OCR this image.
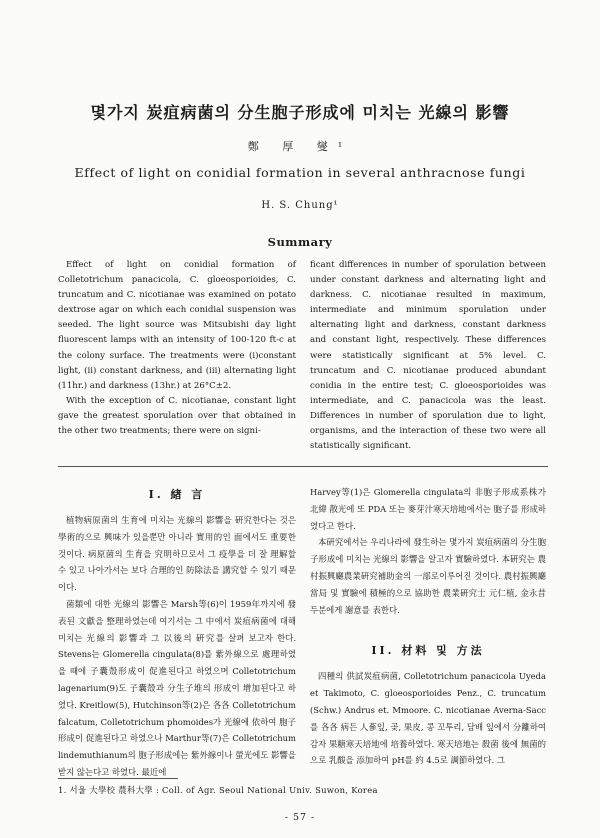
몇가지 炭疽病菌의 分生胞子形成에 미치는 光線의 影響
鄭 厚 燮¹
Effect of light on conidial formation in several anthracnose fungi
H. S. Chung¹
Summary

Effect of light on conidial formation of Colletotrichum panacicola, C. gloeosporioides, C. truncatum and C. nicotianae was examined on potato dextrose agar on which each conidial suspension was seeded. The light source was Mitsubishi day light fluorescent lamps with an intensity of 100-120 ft-c at the colony surface. The treatments were (i)constant light, (ii) constant darkness, and (iii) alternating light (11hr.) and darkness (13hr.) at 26°C±2.

With the exception of C. nicotianae, constant light gave the greatest sporulation over that obtained in the other two treatments; there were on signi-

ficant differences in number of sporulation between under constant darkness and alternating light and darkness. C. nicotianae resulted in maximum, intermediate and minimum sporulation under alternating light and darkness, constant darkness and constant light, respectively. These differences were statistically significant at 5% level. C. truncatum and C. nicotianae produced abundant conidia in the entire test; C. gloeosporioides was intermediate, and C. panacicola was the least. Differences in number of sporulation due to light, organisms, and the interaction of these two were all statistically significant.

I. 緖 言

植物病原菌의 生育에 미치는 光線의 影響을 硏究한다는 것은 學術的으로 興味가 있을뿐만 아니라 實用的인 面에서도 重要한 것이다. 病原菌의 生育을 究明하므로서 그 疫學을 더 잘 理解할 수 있고 나아가서는 보다 合理的인 防除法을 講究할 수 있기 때문이다.

菌類에 대한 光線의 影響은 Marsh等(6)이 1959年까지에 發表된 文獻을 整理하였는데 여기서는 그 中에서 炭疽病菌에 대해 미치는 光線의 影響과 그 以後의 硏究를 살펴 보고자 한다. Stevens는 Glomerella cingulata(8)를 紫外線으로 處理하였을 때에 子囊殼形成이 促進된다고 하였으며 Colletotrichum lagenarium(9)도 子囊殼과 分生子堆의 形成이 增加된다고 하였다. Kreitlow(5), Hutchinson等(2)은 各各 Colletotrichum falcatum, Colletotrichum phomoides가 光線에 依하여 胞子形成이 促進된다고 하였으나 Marthur等(7)은 Colletotrichum lindemuthianum의 胞子形成에는 紫外線이나 螢光에도 影響을 받지 않는다고 하였다. 最近에

Harvey等(1)은 Glomerella cingulata의 非胞子形成系株가 北緯 散光에 또 PDA 또는 麥芽汁寒天培地에서는 胞子를 形成하였다고 한다.

本硏究에서는 우리나라에 發生하는 몇가지 炭疽病菌의 分生胞子形成에 미치는 光線의 影響을 알고자 實驗하였다. 本硏究는 農村振興廳農業硏究補助金의 一部로이루어진 것이다. 農村振興廳 當局 및 實驗에 積極的으로 協助한 農業硏究士 元仁植, 金永昔 두분에게 謝意를 表한다.

II. 材料 및 方法

四種의 供試炭疽病菌, Colletotrichum panacicola Uyeda et Takimoto, C. gloeosporioides Penz., C. truncatum (Schw.) Andrus et. Mmoore. C. nicotianae Averna-Sacc 를 各各 病든 人蔘잎, 곶, 果皮, 콩 꼬투리, 담배 잎에서 分離하여 감자 果糖寒天培地에 培養하였다. 寒天培地는 殺菌 後에 無菌的으로 乳酸을 添加하여 pH를 約 4.5로 調節하였다. 그

1. 서울 大學校 農科大學 : Coll. of Agr. Seoul National Univ. Suwon, Korea
- 57 -
